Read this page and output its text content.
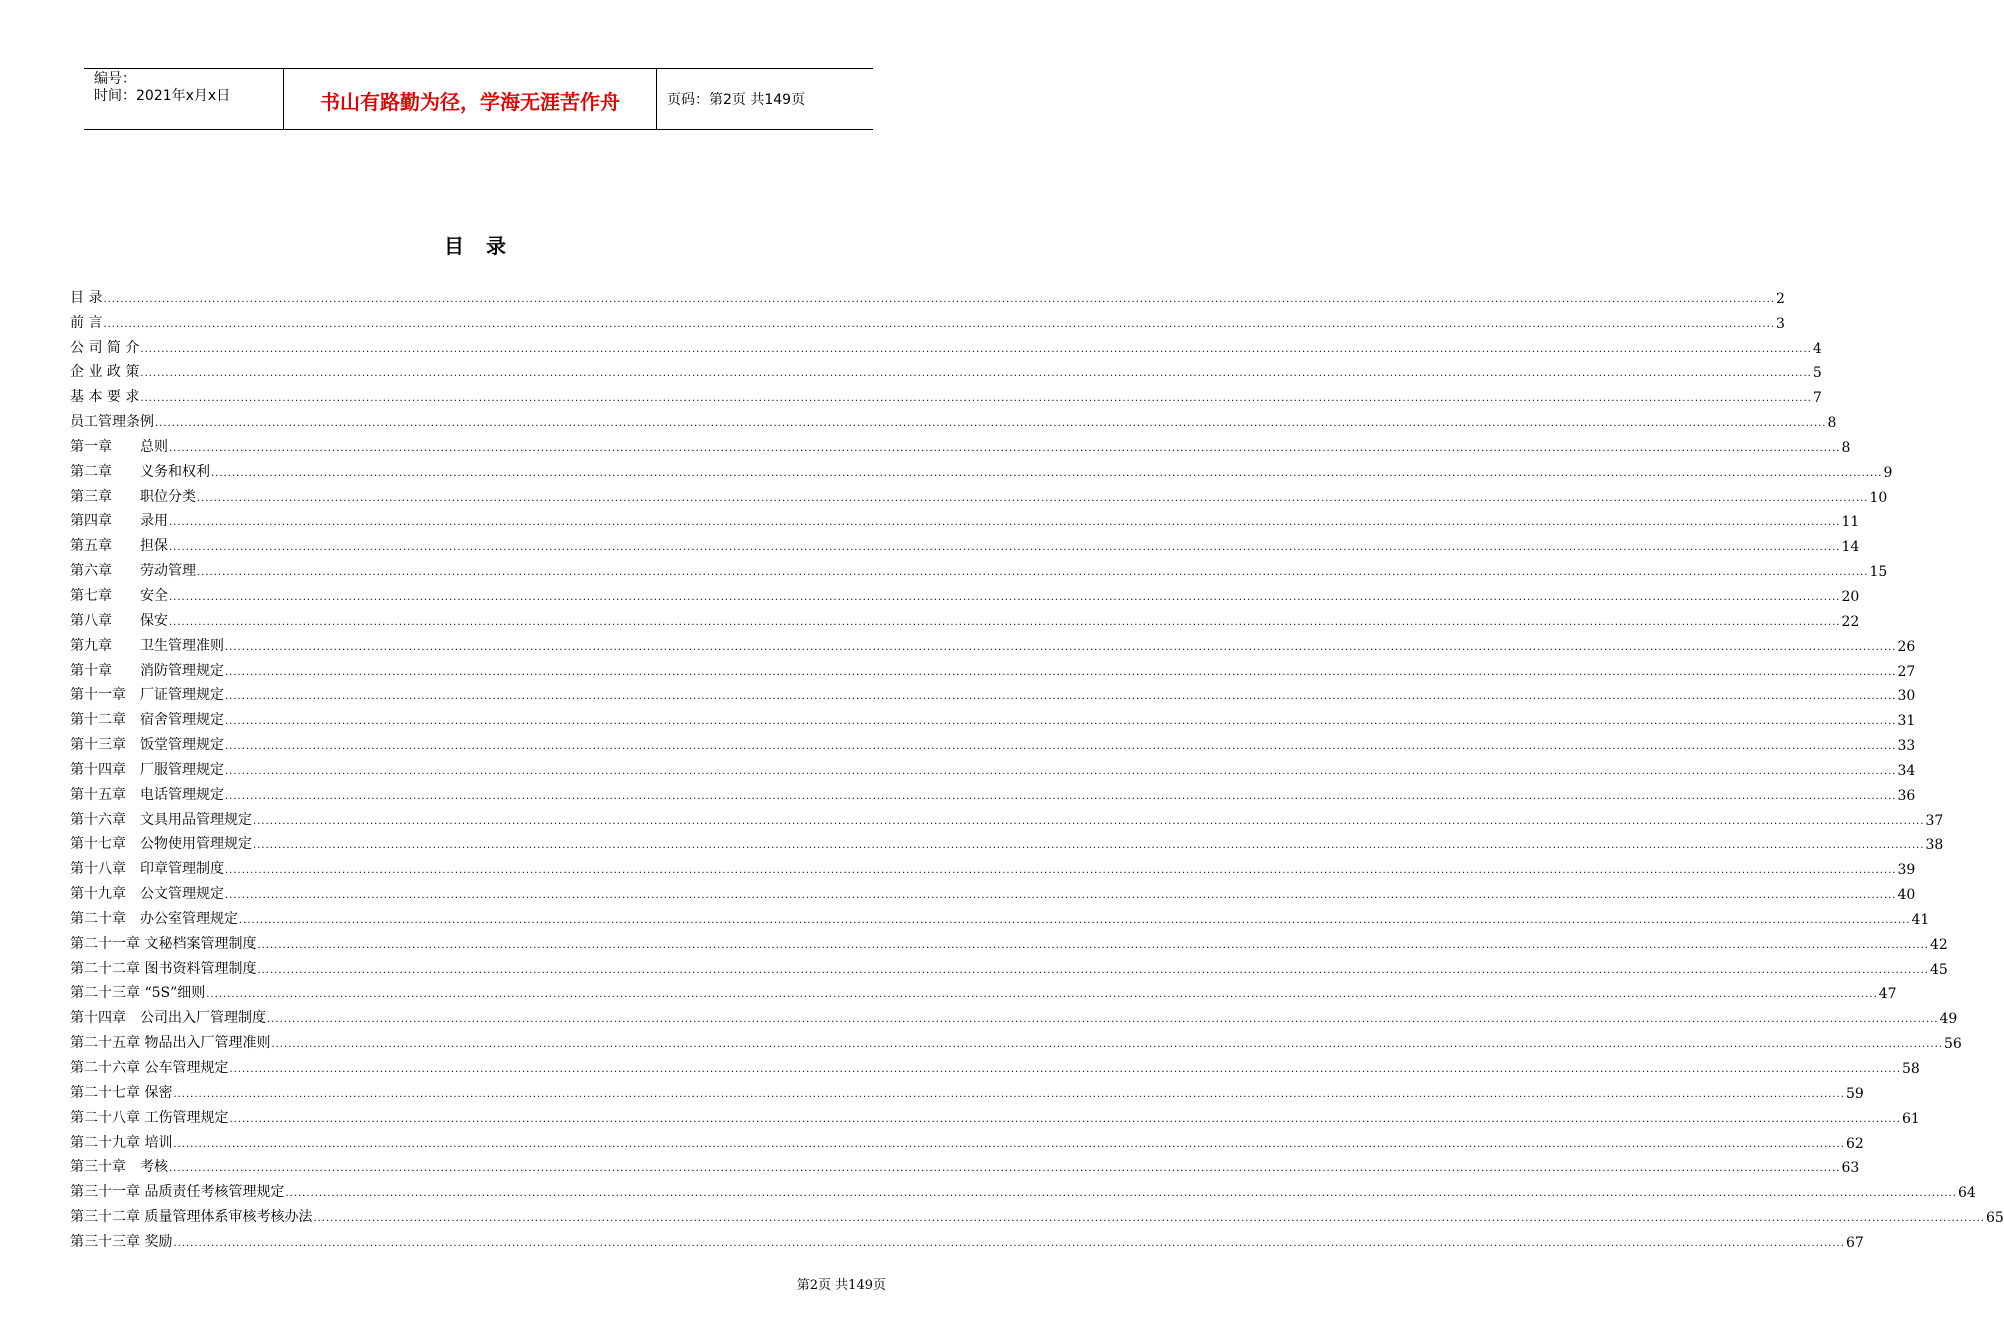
编号：
时间：2021年x月x日	书山有路勤为径，学海无涯苦作舟	页码：第2页 共149页
目录
目 录 ................................................................................................................................................................................................................................................................................................................................................................................................................ 2
前 言 ................................................................................................................................................................................................................................................................................................................................................................................................................ 3
公 司 简 介 ................................................................................................................................................................................................................................................................................................................................................................................................................ 4
企 业 政 策 ................................................................................................................................................................................................................................................................................................................................................................................................................ 5
基 本 要 求 ................................................................................................................................................................................................................................................................................................................................................................................................................ 7
员工管理条例 ................................................................................................................................................................................................................................................................................................................................................................................................................ 8
第一章　　总则 ................................................................................................................................................................................................................................................................................................................................................................................................................ 8
第二章　　义务和权利 ................................................................................................................................................................................................................................................................................................................................................................................................................ 9
第三章　　职位分类 ................................................................................................................................................................................................................................................................................................................................................................................................................ 10
第四章　　录用 ................................................................................................................................................................................................................................................................................................................................................................................................................ 11
第五章　　担保 ................................................................................................................................................................................................................................................................................................................................................................................................................ 14
第六章　　劳动管理 ................................................................................................................................................................................................................................................................................................................................................................................................................ 15
第七章　　安全 ................................................................................................................................................................................................................................................................................................................................................................................................................ 20
第八章　　保安 ................................................................................................................................................................................................................................................................................................................................................................................................................ 22
第九章　　卫生管理准则 ................................................................................................................................................................................................................................................................................................................................................................................................................ 26
第十章　　消防管理规定 ................................................................................................................................................................................................................................................................................................................................................................................................................ 27
第十一章　厂证管理规定 ................................................................................................................................................................................................................................................................................................................................................................................................................ 30
第十二章　宿舍管理规定 ................................................................................................................................................................................................................................................................................................................................................................................................................ 31
第十三章　饭堂管理规定 ................................................................................................................................................................................................................................................................................................................................................................................................................ 33
第十四章　厂服管理规定 ................................................................................................................................................................................................................................................................................................................................................................................................................ 34
第十五章　电话管理规定 ................................................................................................................................................................................................................................................................................................................................................................................................................ 36
第十六章　文具用品管理规定 ................................................................................................................................................................................................................................................................................................................................................................................................................ 37
第十七章　公物使用管理规定 ................................................................................................................................................................................................................................................................................................................................................................................................................ 38
第十八章　印章管理制度 ................................................................................................................................................................................................................................................................................................................................................................................................................ 39
第十九章　公文管理规定 ................................................................................................................................................................................................................................................................................................................................................................................................................ 40
第二十章　办公室管理规定 ................................................................................................................................................................................................................................................................................................................................................................................................................ 41
第二十一章 文秘档案管理制度 ................................................................................................................................................................................................................................................................................................................................................................................................................ 42
第二十二章 图书资料管理制度 ................................................................................................................................................................................................................................................................................................................................................................................................................ 45
第二十三章 “5S”细则 ................................................................................................................................................................................................................................................................................................................................................................................................................ 47
第十四章　公司出入厂管理制度 ................................................................................................................................................................................................................................................................................................................................................................................................................ 49
第二十五章 物品出入厂管理准则 ................................................................................................................................................................................................................................................................................................................................................................................................................ 56
第二十六章 公车管理规定 ................................................................................................................................................................................................................................................................................................................................................................................................................ 58
第二十七章 保密 ................................................................................................................................................................................................................................................................................................................................................................................................................ 59
第二十八章 工伤管理规定 ................................................................................................................................................................................................................................................................................................................................................................................................................ 61
第二十九章 培训 ................................................................................................................................................................................................................................................................................................................................................................................................................ 62
第三十章　考核 ................................................................................................................................................................................................................................................................................................................................................................................................................ 63
第三十一章 品质责任考核管理规定 ................................................................................................................................................................................................................................................................................................................................................................................................................ 64
第三十二章 质量管理体系审核考核办法 ................................................................................................................................................................................................................................................................................................................................................................................................................ 65
第三十三章 奖励 ................................................................................................................................................................................................................................................................................................................................................................................................................ 67
第2页 共149页
